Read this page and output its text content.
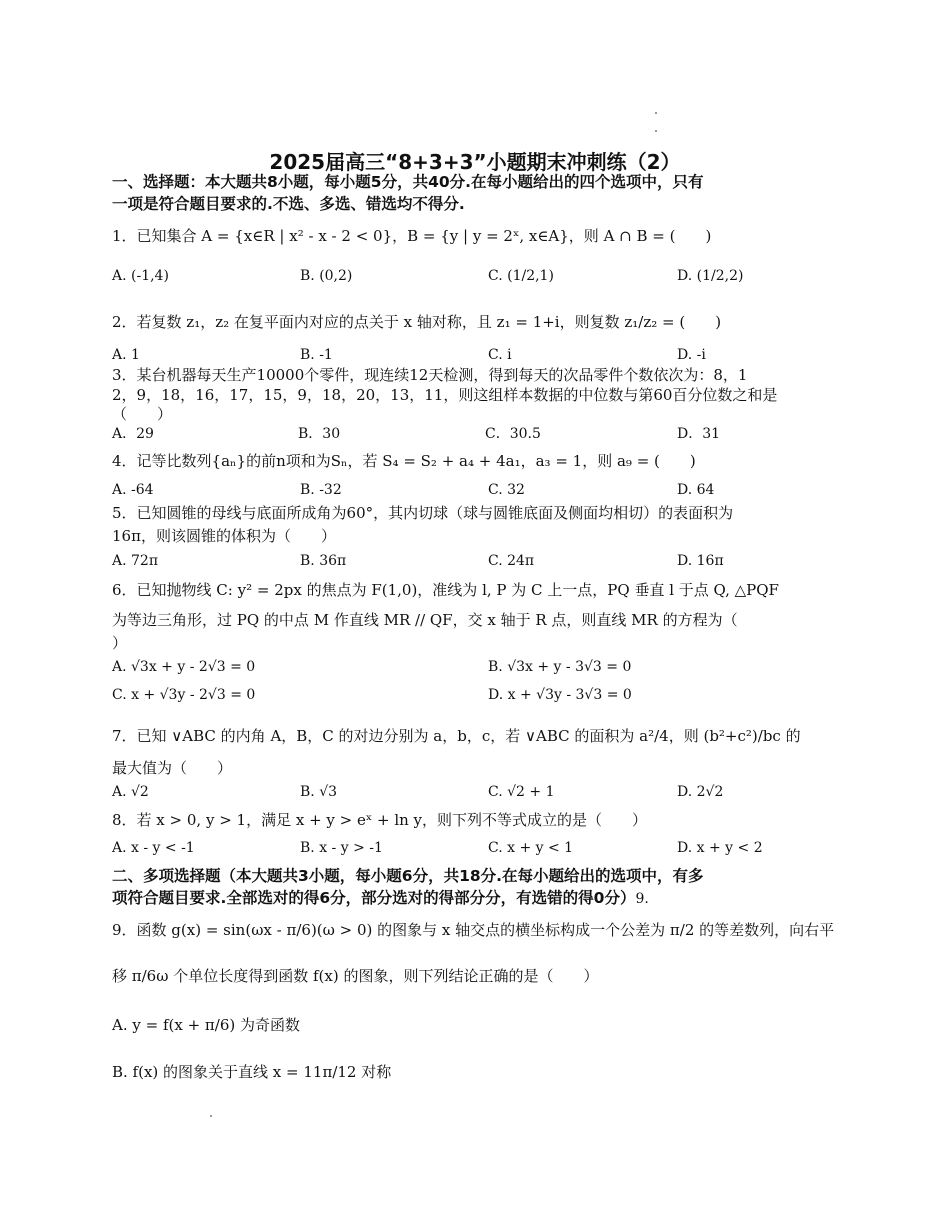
2025届高三“8+3+3”小题期末冲刺练（2）
一、选择题：本大题共8小题，每小题5分，共40分.在每小题给出的四个选项中，只有
一项是符合题目要求的.不选、多选、错选均不得分.
1．已知集合 A = {x∈R | x² - x - 2 < 0}，B = {y | y = 2ˣ, x∈A}，则 A ∩ B = (　　)
A. (-1,4)	B. (0,2)	C. (1/2,1)	D. (1/2,2)
2．若复数 z₁，z₂ 在复平面内对应的点关于 x 轴对称，且 z₁ = 1+i，则复数 z₁/z₂ = (　　)
A. 1	B. -1	C. i	D. -i
3．某台机器每天生产10000个零件，现连续12天检测，得到每天的次品零件个数依次为：8，1
2，9，18，16，17，15，9，18，20，13，11，则这组样本数据的中位数与第60百分位数之和是
（　　）
A．29	B．30	C．30.5	D．31
4．记等比数列{aₙ}的前n项和为Sₙ，若 S₄ = S₂ + a₄ + 4a₁，a₃ = 1，则 a₉ = (　　)
A. -64	B. -32	C. 32	D. 64
5．已知圆锥的母线与底面所成角为60°，其内切球（球与圆锥底面及侧面均相切）的表面积为
16π，则该圆锥的体积为（　　）
A. 72π	B. 36π	C. 24π	D. 16π
6．已知抛物线 C: y² = 2px 的焦点为 F(1,0)，准线为 l, P 为 C 上一点，PQ 垂直 l 于点 Q, △PQF
为等边三角形，过 PQ 的中点 M 作直线 MR // QF，交 x 轴于 R 点，则直线 MR 的方程为（
）
A. √3x + y - 2√3 = 0	B. √3x + y - 3√3 = 0
C. x + √3y - 2√3 = 0	D. x + √3y - 3√3 = 0
7．已知 ∨ABC 的内角 A，B，C 的对边分别为 a，b，c，若 ∨ABC 的面积为 a²/4，则 (b²+c²)/bc 的
最大值为（　　）
A. √2	B. √3	C. √2 + 1	D. 2√2
8．若 x > 0, y > 1，满足 x + y > eˣ + ln y，则下列不等式成立的是（　　）
A. x - y < -1	B. x - y > -1	C. x + y < 1	D. x + y < 2
二、多项选择题（本大题共3小题，每小题6分，共18分.在每小题给出的选项中，有多
项符合题目要求.全部选对的得6分，部分选对的得部分分，有选错的得0分）9.
9．函数 g(x) = sin(ωx - π/6)(ω > 0) 的图象与 x 轴交点的横坐标构成一个公差为 π/2 的等差数列，向右平
移 π/6ω 个单位长度得到函数 f(x) 的图象，则下列结论正确的是（　　）
A. y = f(x + π/6) 为奇函数
B. f(x) 的图象关于直线 x = 11π/12 对称
